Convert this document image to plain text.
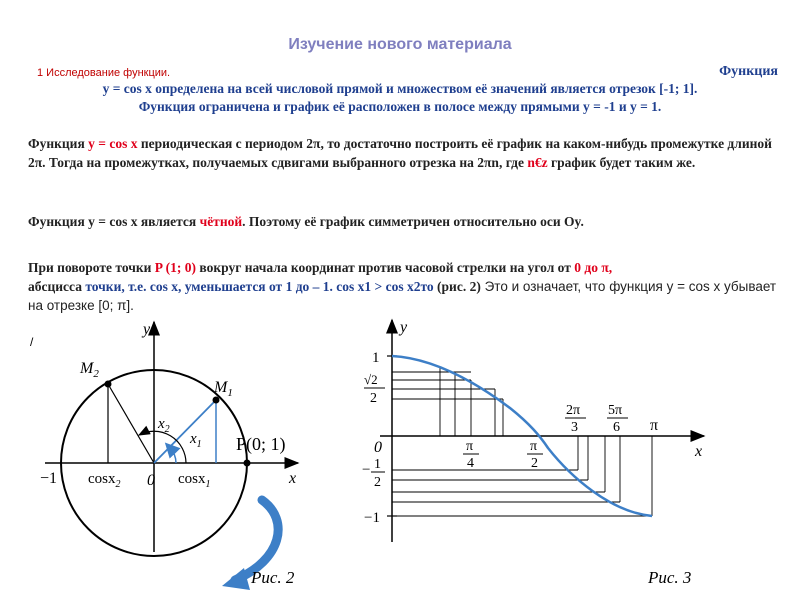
Изучение нового материала
1 Исследование функции.	Функция
y = cos x определена на всей числовой прямой и множеством её значений является отрезок [-1; 1].
Функция ограничена и график её расположен в полосе между прямыми y = -1 и y = 1.
Функция y = cos x периодическая с периодом 2π, то достаточно построить её график на каком-нибудь промежутке длиной 2π. Тогда на промежутках, получаемых сдвигами выбранного отрезка на 2πn, где n€z график будет таким же.
Функция y = cos x является чётной. Поэтому её график симметричен относительно оси Oy.
При повороте точки P (1; 0) вокруг начала координат против часовой стрелки на угол от 0 до π,
абсцисса точки, т.е. cos x, уменьшается от 1 до – 1. cos x1 > cos x2то (рис. 2) Это и означает, что функция y = cos x убывает на отрезке [0; π].
/
y
x
$M_2$
$M_1$
$x_2$
$x_1$
−1 cosx$_2$ 0 cosx$_1$
P(0; 1)
Рис. 2
y
x
1
√2
2
0
− 1
2
−1
π
4
π
2
2π
3
5π
6 π
Рис. 3
